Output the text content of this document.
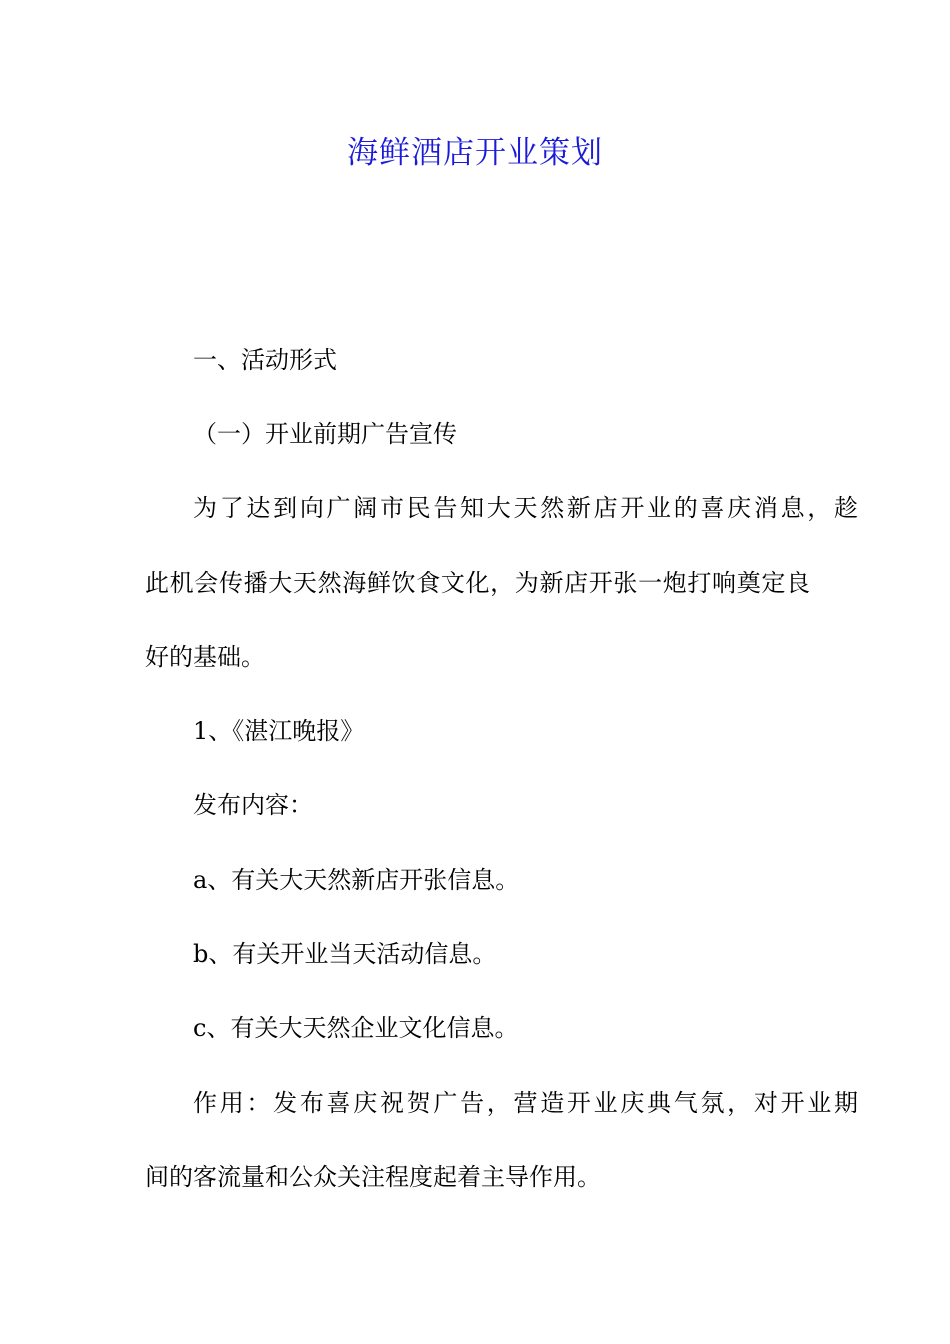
海鲜酒店开业策划
一、活动形式
（一）开业前期广告宣传
为了达到向广阔市民告知大天然新店开业的喜庆消息，趁
此机会传播大天然海鲜饮食文化，为新店开张一炮打响奠定良
好的基础。
1、《湛江晚报》
发布内容：
a、有关大天然新店开张信息。
b、有关开业当天活动信息。
c、有关大天然企业文化信息。
作用：发布喜庆祝贺广告，营造开业庆典气氛，对开业期
间的客流量和公众关注程度起着主导作用。
